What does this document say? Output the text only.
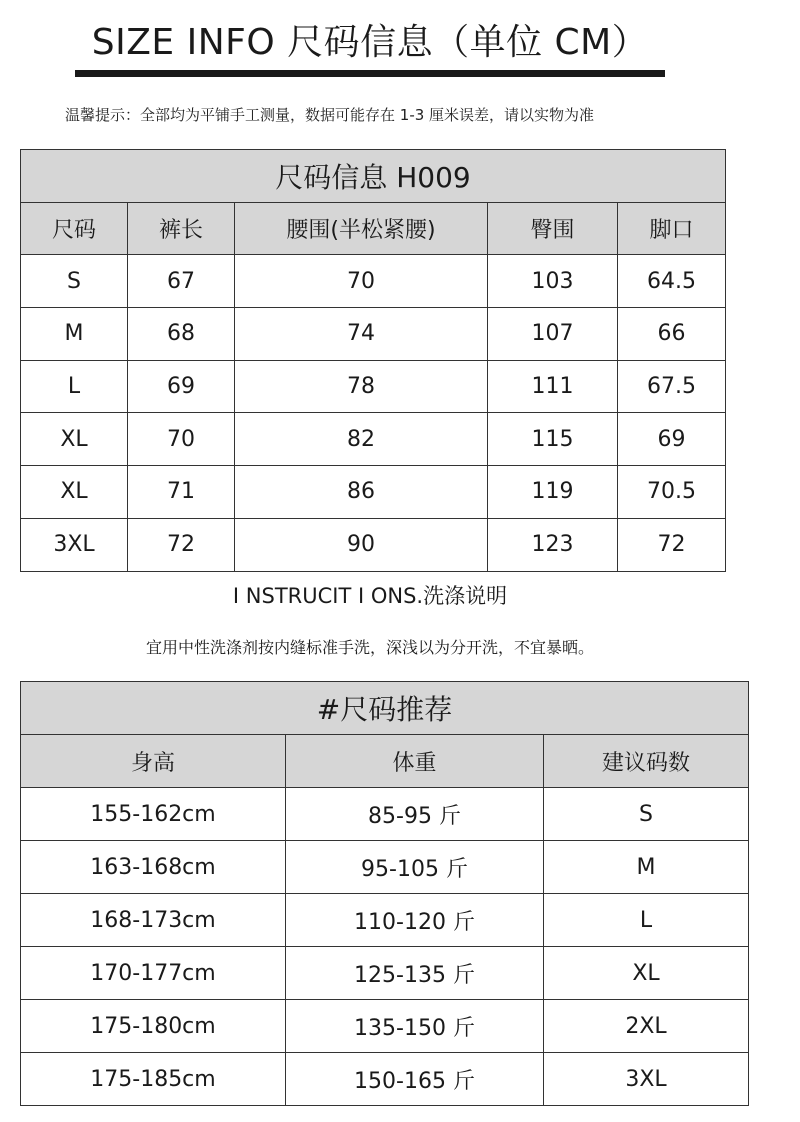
SIZE INFO 尺码信息（单位 CM）
温馨提示：全部均为平铺手工测量，数据可能存在 1-3 厘米误差，请以实物为准
尺码信息 H009				
尺码	裤长	腰围(半松紧腰)	臀围	脚口
S	67	70	103	64.5
M	68	74	107	66
L	69	78	111	67.5
XL	70	82	115	69
XL	71	86	119	70.5
3XL	72	90	123	72
I NSTRUCIT I ONS.洗涤说明
宜用中性洗涤剂按内缝标准手洗，深浅以为分开洗，不宜暴晒。
#尺码推荐		
身高	体重	建议码数
155-162cm	85-95 斤	S
163-168cm	95-105 斤	M
168-173cm	110-120 斤	L
170-177cm	125-135 斤	XL
175-180cm	135-150 斤	2XL
175-185cm	150-165 斤	3XL
